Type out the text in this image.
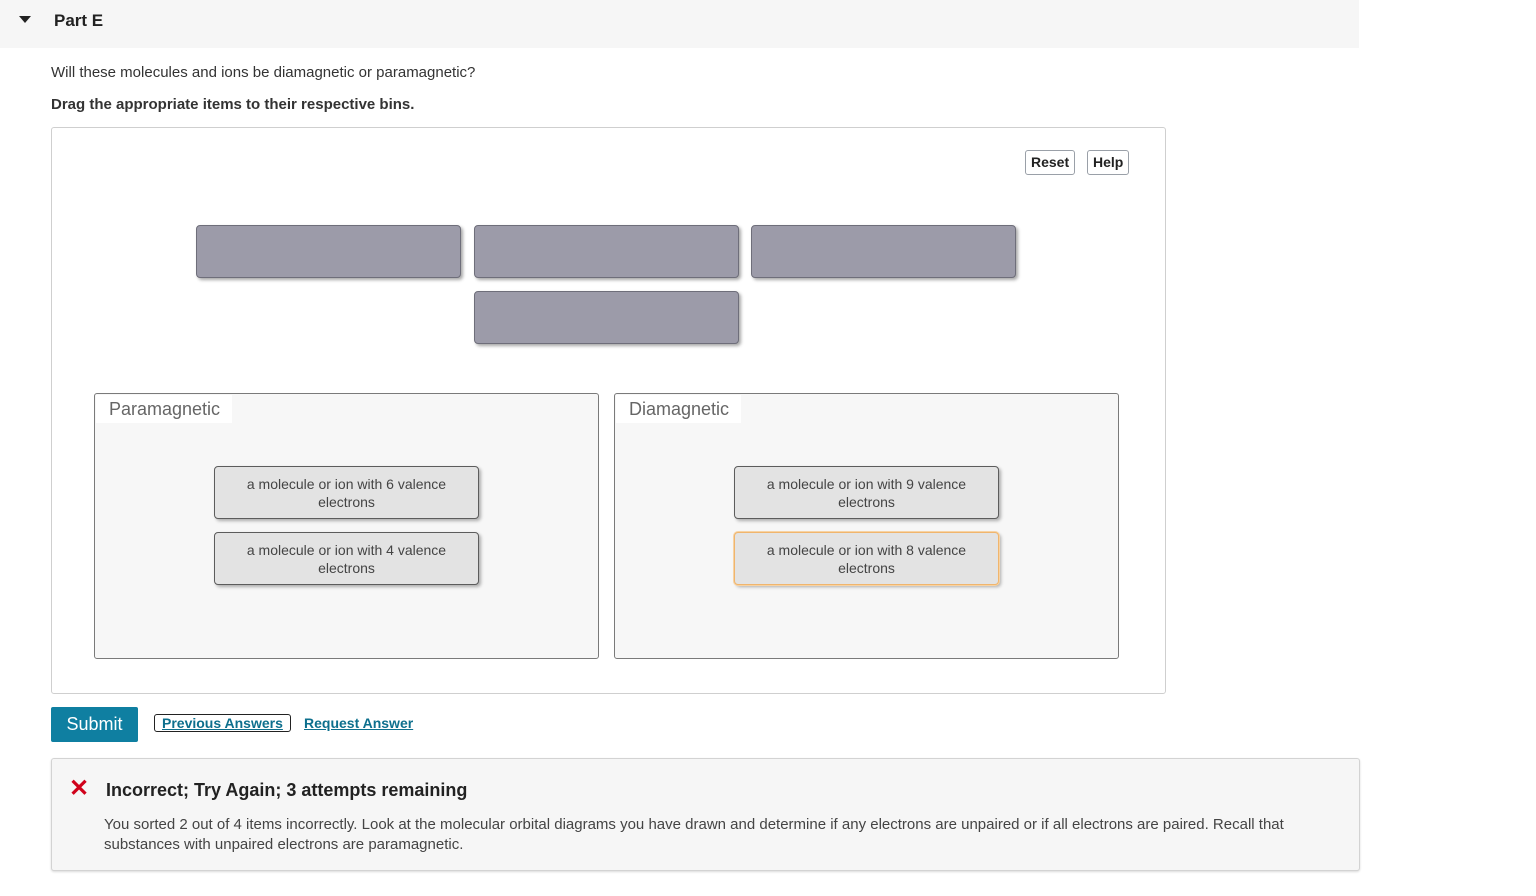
Part E
Will these molecules and ions be diamagnetic or paramagnetic?
Drag the appropriate items to their respective bins.
Reset	Help
Paramagnetic
a molecule or ion with 6 valence electrons
a molecule or ion with 4 valence electrons
Diamagnetic
a molecule or ion with 9 valence electrons
a molecule or ion with 8 valence electrons
Submit	Previous Answers	Request Answer
✕ Incorrect; Try Again; 3 attempts remaining
You sorted 2 out of 4 items incorrectly. Look at the molecular orbital diagrams you have drawn and determine if any electrons are unpaired or if all electrons are paired. Recall that substances with unpaired electrons are paramagnetic.
